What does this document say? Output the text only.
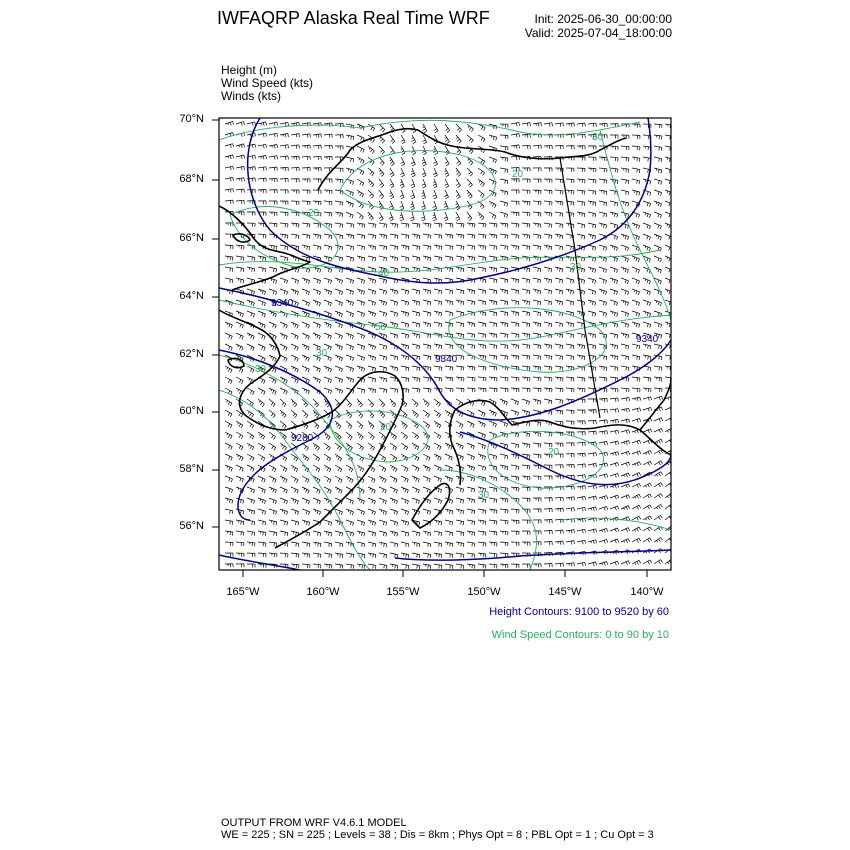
IWFAQRP Alaska Real Time WRF	Init: 2025-06-30_00:00:00
Valid: 2025-07-04_18:00:00
Height (m)
Wind Speed (kts)
Winds (kts)
9340
9340
9340
9280
30
20
20
40
30
50
30
20
20
30
30
70°N
68°N
66°N
64°N
62°N
60°N
58°N
56°N
165°W	160°W	155°W	150°W	145°W	140°W
Height Contours: 9100 to 9520 by 60
Wind Speed Contours: 0 to 90 by 10
OUTPUT FROM WRF V4.6.1 MODEL
WE = 225 ; SN = 225 ; Levels = 38 ; Dis = 8km ; Phys Opt = 8 ; PBL Opt = 1 ; Cu Opt = 3
